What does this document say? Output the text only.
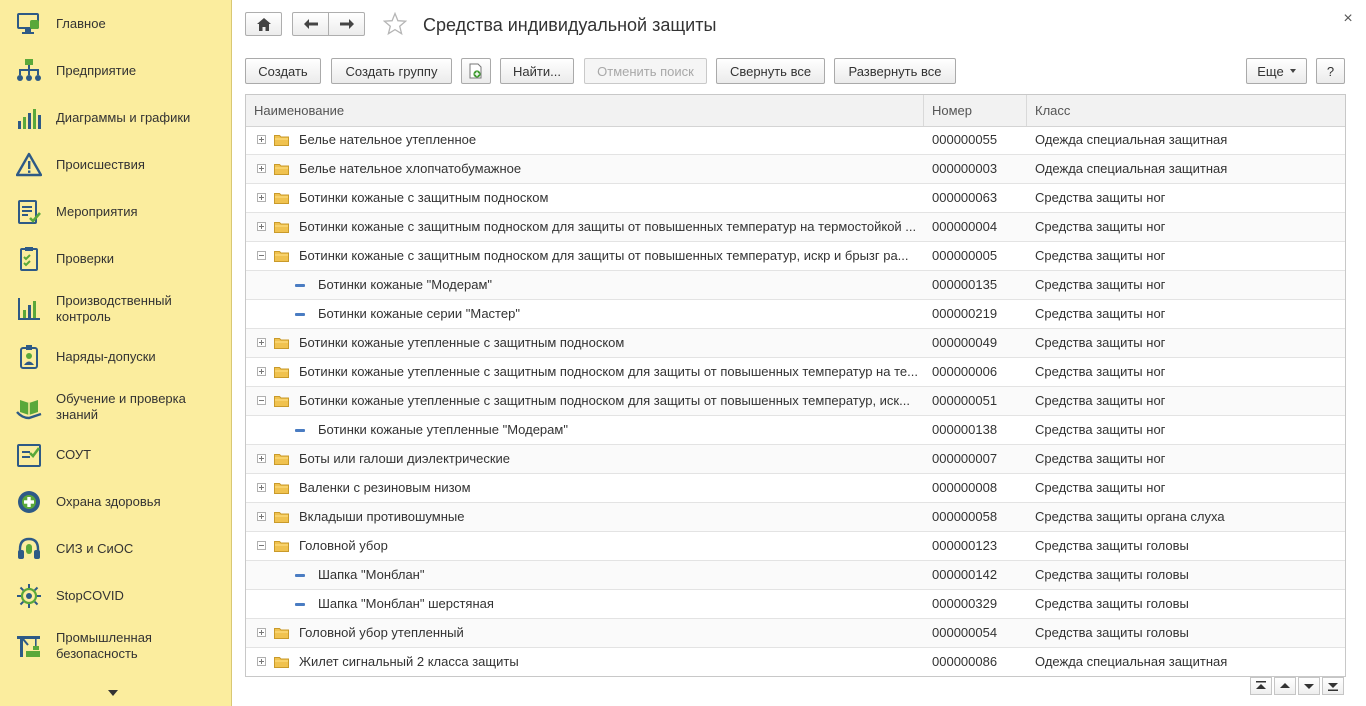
Главное
Предприятие
Диаграммы и графики
Происшествия
Мероприятия
Проверки
Производственный контроль
Наряды-допуски
Обучение и проверка знаний
СОУТ
Охрана здоровья
СИЗ и СиОС
StopCOVID
Промышленная безопасность
Средства индивидуальной защиты	×
Создать	Создать группу	Найти...	Отменить поиск	Свернуть все	Развернуть все	Еще	?
Наименование	Номер	Класс
Белье нательное утепленное	000000055	Одежда специальная защитная
Белье нательное хлопчатобумажное	000000003	Одежда специальная защитная
Ботинки кожаные с защитным подноском	000000063	Средства защиты ног
Ботинки кожаные с защитным подноском для защиты от повышенных температур на термостойкой ... 000000004	Средства защиты ног
Ботинки кожаные с защитным подноском для защиты от повышенных температур, искр и брызг ра...	000000005	Средства защиты ног
Ботинки кожаные "Модерам"	000000135	Средства защиты ног
Ботинки кожаные серии "Мастер"	000000219	Средства защиты ног
Ботинки кожаные утепленные с защитным подноском	000000049	Средства защиты ног
Ботинки кожаные утепленные с защитным подноском для защиты от повышенных температур на те... 000000006	Средства защиты ног
Ботинки кожаные утепленные с защитным подноском для защиты от повышенных температур, иск...	000000051	Средства защиты ног
Ботинки кожаные утепленные "Модерам"	000000138	Средства защиты ног
Боты или галоши диэлектрические	000000007	Средства защиты ног
Валенки с резиновым низом	000000008	Средства защиты ног
Вкладыши противошумные	000000058	Средства защиты органа слуха
Головной убор	000000123	Средства защиты головы
Шапка "Монблан"	000000142	Средства защиты головы
Шапка "Монблан" шерстяная	000000329	Средства защиты головы
Головной убор утепленный	000000054	Средства защиты головы
Жилет сигнальный 2 класса защиты	000000086	Одежда специальная защитная
